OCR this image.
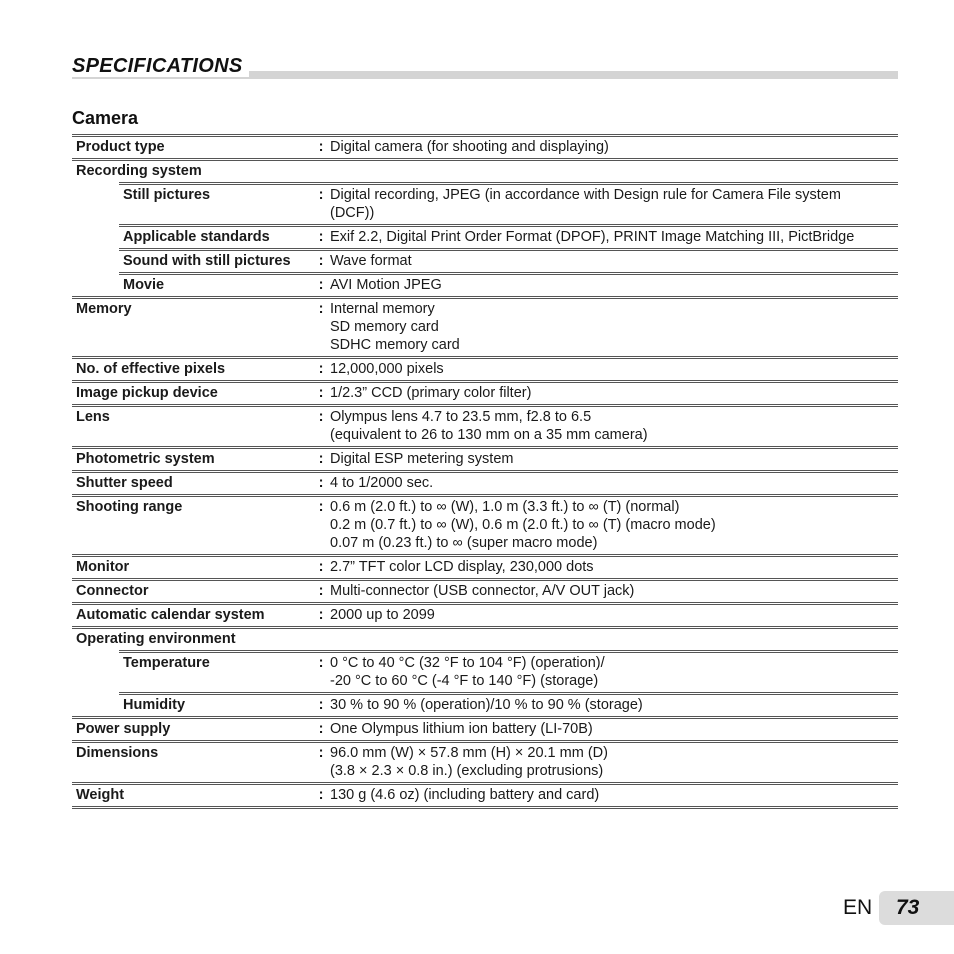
SPECIFICATIONS
Camera
Product type	: Digital camera (for shooting and displaying)
Recording system
Still pictures	: Digital recording, JPEG (in accordance with Design rule for Camera File system
(DCF))
Applicable standards	: Exif 2.2, Digital Print Order Format (DPOF), PRINT Image Matching III, PictBridge
Sound with still pictures	: Wave format
Movie	: AVI Motion JPEG
Memory	: Internal memory
SD memory card
SDHC memory card
No. of effective pixels	: 12,000,000 pixels
Image pickup device	: 1/2.3” CCD (primary color filter)
Lens	: Olympus lens 4.7 to 23.5 mm, f2.8 to 6.5
(equivalent to 26 to 130 mm on a 35 mm camera)
Photometric system	: Digital ESP metering system
Shutter speed	: 4 to 1/2000 sec.
Shooting range	: 0.6 m (2.0 ft.) to ∞ (W), 1.0 m (3.3 ft.) to ∞ (T) (normal)
0.2 m (0.7 ft.) to ∞ (W), 0.6 m (2.0 ft.) to ∞ (T) (macro mode)
0.07 m (0.23 ft.) to ∞ (super macro mode)
Monitor	: 2.7” TFT color LCD display, 230,000 dots
Connector	: Multi-connector (USB connector, A/V OUT jack)
Automatic calendar system	: 2000 up to 2099
Operating environment
Temperature	: 0 °C to 40 °C (32 °F to 104 °F) (operation)/
-20 °C to 60 °C (-4 °F to 140 °F) (storage)
Humidity	: 30 % to 90 % (operation)/10 % to 90 % (storage)
Power supply	: One Olympus lithium ion battery (LI-70B)
Dimensions	: 96.0 mm (W) × 57.8 mm (H) × 20.1 mm (D)
(3.8 × 2.3 × 0.8 in.) (excluding protrusions)
Weight	: 130 g (4.6 oz) (including battery and card)
EN 73
